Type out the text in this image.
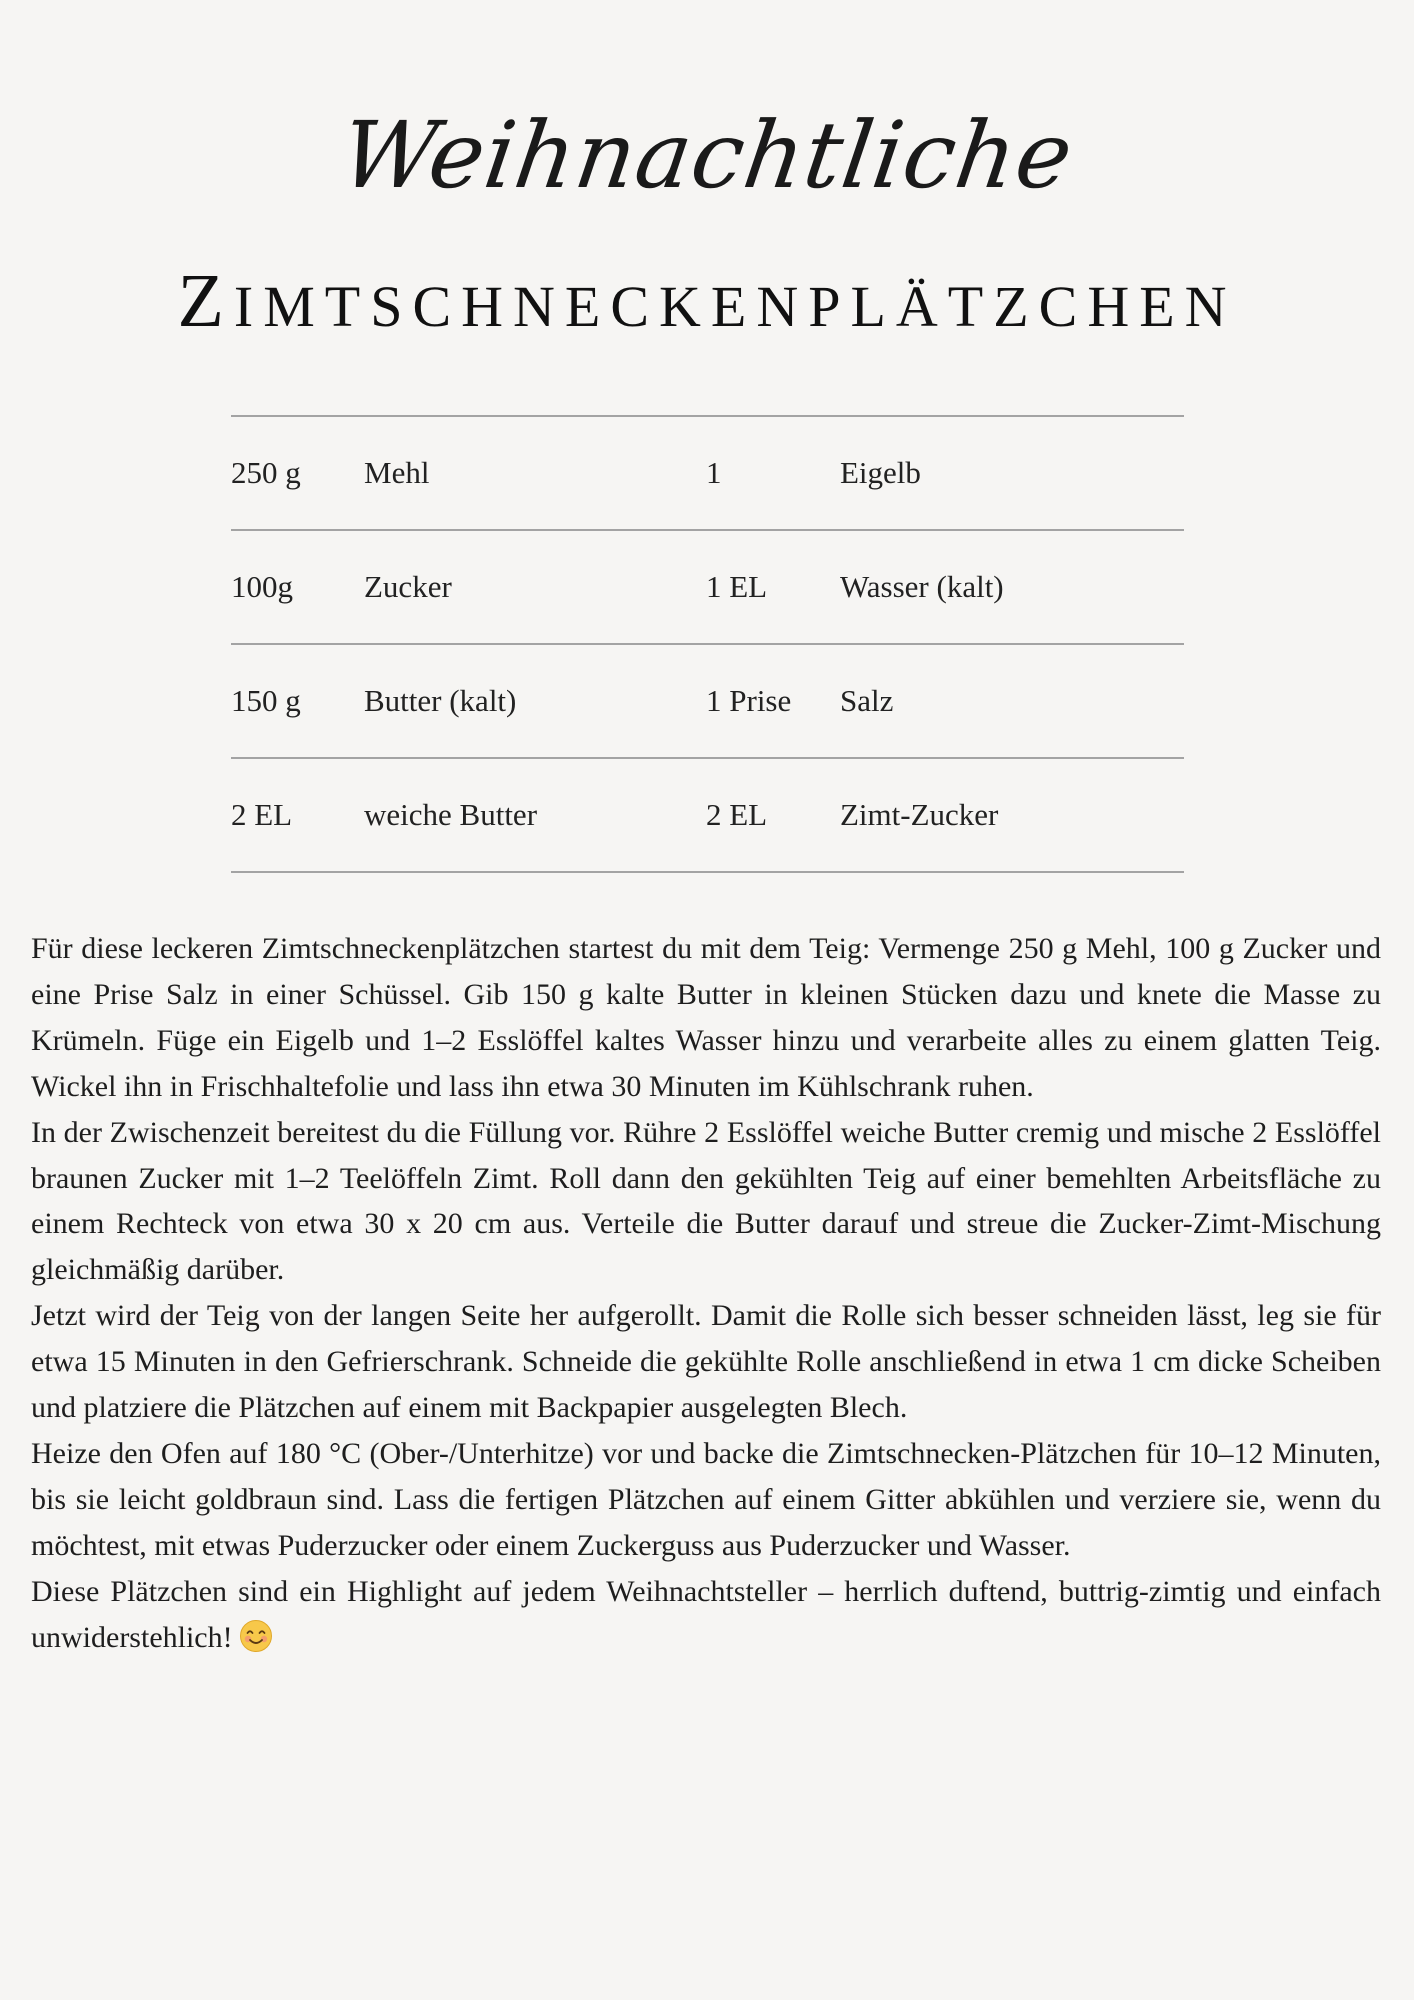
Weihnachtliche
ZIMTSCHNECKENPLÄTZCHEN
250 g Mehl	1	Eigelb
100g Zucker	1 EL Wasser (kalt)
150 g Butter (kalt)	1 Prise Salz
2 EL weiche Butter	2 EL Zimt-Zucker

Für diese leckeren Zimtschneckenplätzchen startest du mit dem Teig: Vermenge 250 g Mehl, 100 g Zucker und eine Prise Salz in einer Schüssel. Gib 150 g kalte Butter in kleinen Stücken dazu und knete die Masse zu Krümeln. Füge ein Eigelb und 1–2 Esslöffel kaltes Wasser hinzu und verarbeite alles zu einem glatten Teig. Wickel ihn in Frischhaltefolie und lass ihn etwa 30 Minuten im Kühlschrank ruhen.

In der Zwischenzeit bereitest du die Füllung vor. Rühre 2 Esslöffel weiche Butter cremig und mische 2 Esslöffel braunen Zucker mit 1–2 Teelöffeln Zimt. Roll dann den gekühlten Teig auf einer bemehlten Arbeitsfläche zu einem Rechteck von etwa 30 x 20 cm aus. Verteile die Butter darauf und streue die Zucker-Zimt-Mischung gleichmäßig darüber.

Jetzt wird der Teig von der langen Seite her aufgerollt. Damit die Rolle sich besser schneiden lässt, leg sie für etwa 15 Minuten in den Gefrierschrank. Schneide die gekühlte Rolle anschließend in etwa 1 cm dicke Scheiben und platziere die Plätzchen auf einem mit Backpapier ausgelegten Blech.

Heize den Ofen auf 180 °C (Ober-/Unterhitze) vor und backe die Zimtschnecken-Plätzchen für 10–12 Minuten, bis sie leicht goldbraun sind. Lass die fertigen Plätzchen auf einem Gitter abkühlen und verziere sie, wenn du möchtest, mit etwas Puderzucker oder einem Zuckerguss aus Puderzucker und Wasser.

Diese Plätzchen sind ein Highlight auf jedem Weihnachtsteller – herrlich duftend, buttrig-zimtig und einfach unwiderstehlich!
